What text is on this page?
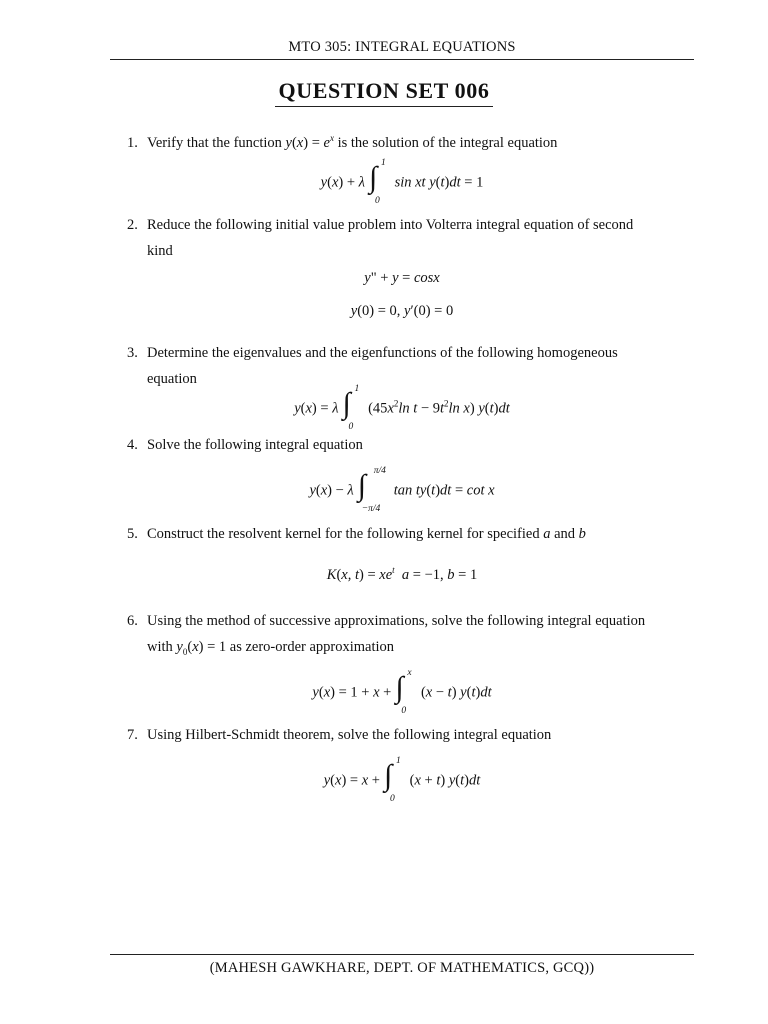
MTO 305: INTEGRAL EQUATIONS
QUESTION SET 006
1. Verify that the function $y(x) = e^x$ is the solution of the integral equation
y(x) + λ ∫ 1
0
sin xt y(t)dt = 1
2. Reduce the following initial value problem into Volterra integral equation of second
kind
y" + y = cosx
y(0) = 0, y′(0) = 0
3. Determine the eigenvalues and the eigenfunctions of the following homogeneous
equation
y(x) = λ ∫ 1
0
($45x^2\ln$ $t - 9t^2\ln$ x) y(t)dt
4. Solve the following integral equation
y(x) − λ ∫ π/4
−π/4
tan ty(t)dt = cot x
5. Construct the resolvent kernel for the following kernel for specified a and b
K(x, $t) = xe^t$ a = −1, b = 1
6. Using the method of successive approximations, solve the following integral equation
with $y_0(x) = 1$ as zero-order approximation
y(x) = 1 + x + ∫ x
0
(x − t) y(t)dt
7. Using Hilbert-Schmidt theorem, solve the following integral equation
y(x) = x + ∫ 1
0
(x + t) y(t)dt
(MAHESH GAWKHARE, DEPT. OF MATHEMATICS, GCQ))
